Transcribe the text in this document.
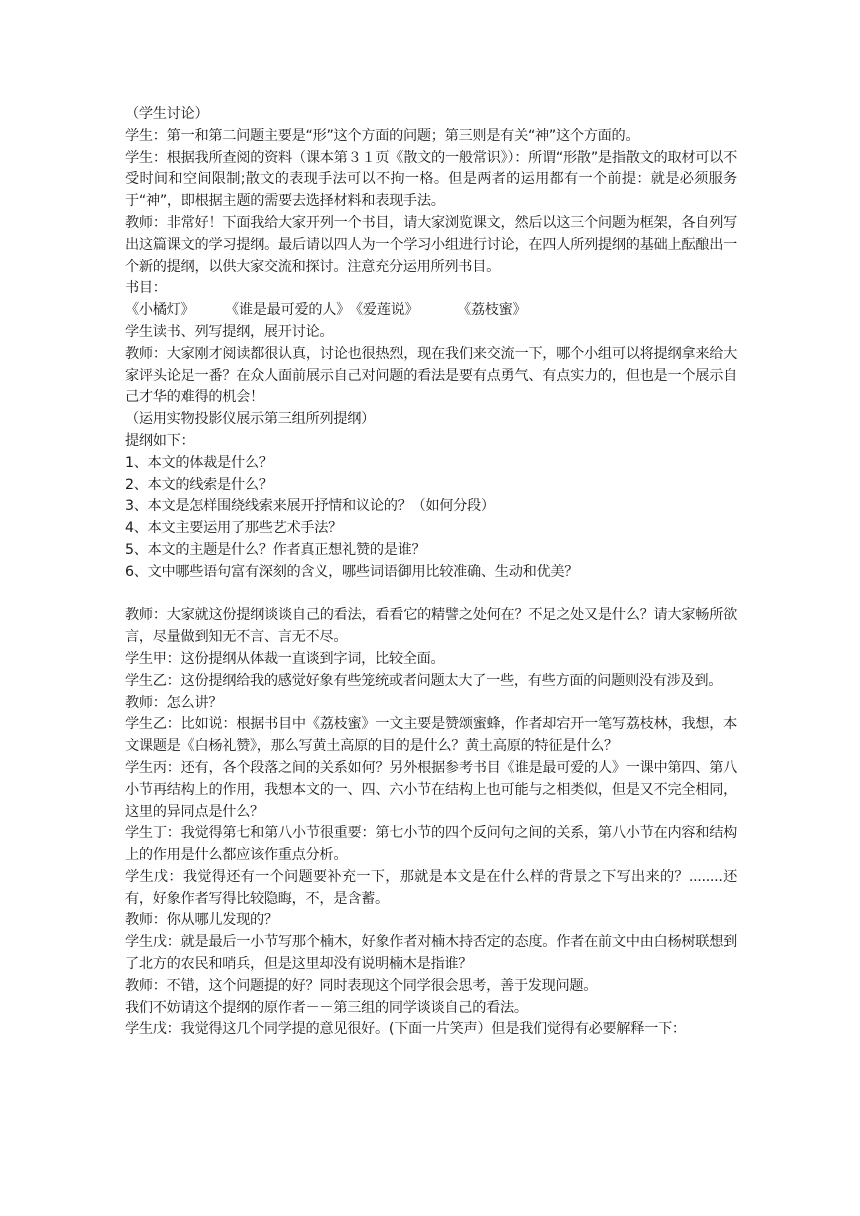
（学生讨论）
学生：第一和第二问题主要是“形”这个方面的问题；第三则是有关“神”这个方面的。
学生：根据我所查阅的资料（课本第３１页《散文的一般常识》）：所谓“形散”是指散文的取材可以不受时间和空间限制;散文的表现手法可以不拘一格。但是两者的运用都有一个前提：就是必须服务于“神”，即根据主题的需要去选择材料和表现手法。
教师：非常好！下面我给大家开列一个书目，请大家浏览课文，然后以这三个问题为框架，各自列写出这篇课文的学习提纲。最后请以四人为一个学习小组进行讨论，在四人所列提纲的基础上酝酿出一个新的提纲，以供大家交流和探讨。注意充分运用所列书目。
书目：
《小橘灯》	《谁是最可爱的人》 《爱莲说》	《荔枝蜜》
学生读书、列写提纲，展开讨论。
教师：大家刚才阅读都很认真，讨论也很热烈，现在我们来交流一下，哪个小组可以将提纲拿来给大家评头论足一番？在众人面前展示自己对问题的看法是要有点勇气、有点实力的，但也是一个展示自己才华的难得的机会！
（运用实物投影仪展示第三组所列提纲）
提纲如下：
1、本文的体裁是什么？
2、本文的线索是什么？
3、本文是怎样围绕线索来展开抒情和议论的？（如何分段）
4、本文主要运用了那些艺术手法？
5、本文的主题是什么？作者真正想礼赞的是谁？
6、文中哪些语句富有深刻的含义，哪些词语御用比较准确、生动和优美？
教师：大家就这份提纲谈谈自己的看法，看看它的精譬之处何在？不足之处又是什么？请大家畅所欲言，尽量做到知无不言、言无不尽。
学生甲：这份提纲从体裁一直谈到字词，比较全面。
学生乙：这份提纲给我的感觉好象有些笼统或者问题太大了一些，有些方面的问题则没有涉及到。
教师：怎么讲？
学生乙：比如说：根据书目中《荔枝蜜》一文主要是赞颂蜜蜂，作者却宕开一笔写荔枝林，我想，本文课题是《白杨礼赞》，那么写黄土高原的目的是什么？黄土高原的特征是什么？
学生丙：还有，各个段落之间的关系如何？另外根据参考书目《谁是最可爱的人》一课中第四、第八小节再结构上的作用，我想本文的一、四、六小节在结构上也可能与之相类似，但是又不完全相同，这里的异同点是什么？
学生丁：我觉得第七和第八小节很重要：第七小节的四个反问句之间的关系，第八小节在内容和结构上的作用是什么都应该作重点分析。
学生戊：我觉得还有一个问题要补充一下，那就是本文是在什么样的背景之下写出来的？........还有，好象作者写得比较隐晦，不，是含蓄。
教师：你从哪儿发现的？
学生戊：就是最后一小节写那个楠木，好象作者对楠木持否定的态度。作者在前文中由白杨树联想到了北方的农民和哨兵，但是这里却没有说明楠木是指谁？
教师：不错，这个问题提的好？同时表现这个同学很会思考，善于发现问题。
我们不妨请这个提纲的原作者－－第三组的同学谈谈自己的看法。
学生戊：我觉得这几个同学提的意见很好。(下面一片笑声）但是我们觉得有必要解释一下：
